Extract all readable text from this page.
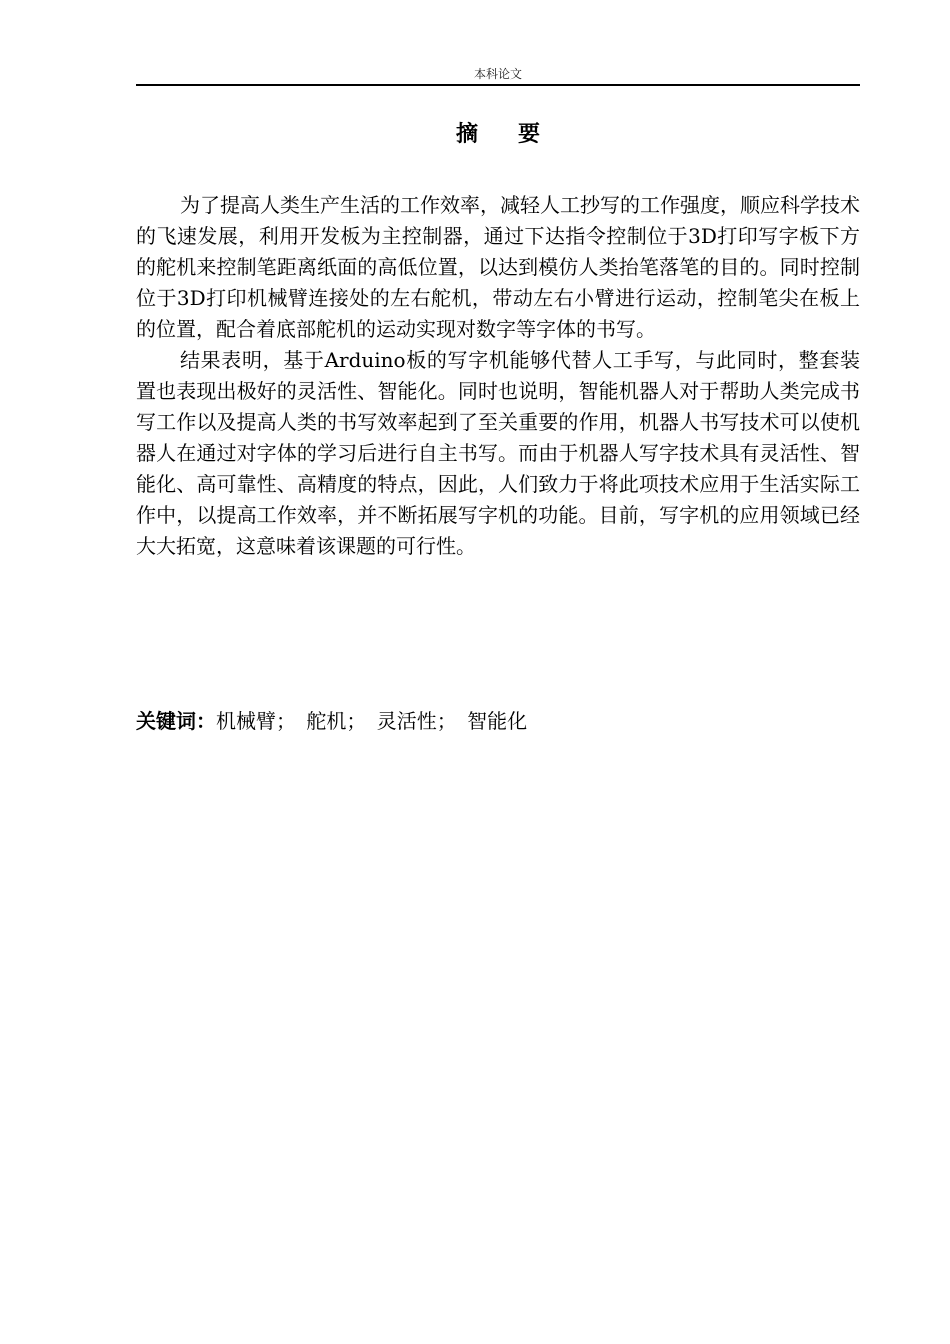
本科论文
摘要

为了提高人类生产生活的工作效率，减轻人工抄写的工作强度，顺应科学技术的飞速发展，利用开发板为主控制器，通过下达指令控制位于3D打印写字板下方的舵机来控制笔距离纸面的高低位置，以达到模仿人类抬笔落笔的目的。同时控制位于3D打印机械臂连接处的左右舵机，带动左右小臂进行运动，控制笔尖在板上的位置，配合着底部舵机的运动实现对数字等字体的书写。

结果表明，基于Arduino板的写字机能够代替人工手写，与此同时，整套装置也表现出极好的灵活性、智能化。同时也说明，智能机器人对于帮助人类完成书写工作以及提高人类的书写效率起到了至关重要的作用，机器人书写技术可以使机器人在通过对字体的学习后进行自主书写。而由于机器人写字技术具有灵活性、智能化、高可靠性、高精度的特点，因此，人们致力于将此项技术应用于生活实际工作中，以提高工作效率，并不断拓展写字机的功能。目前，写字机的应用领域已经大大拓宽，这意味着该课题的可行性。

关键词：机械臂； 舵机； 灵活性； 智能化
